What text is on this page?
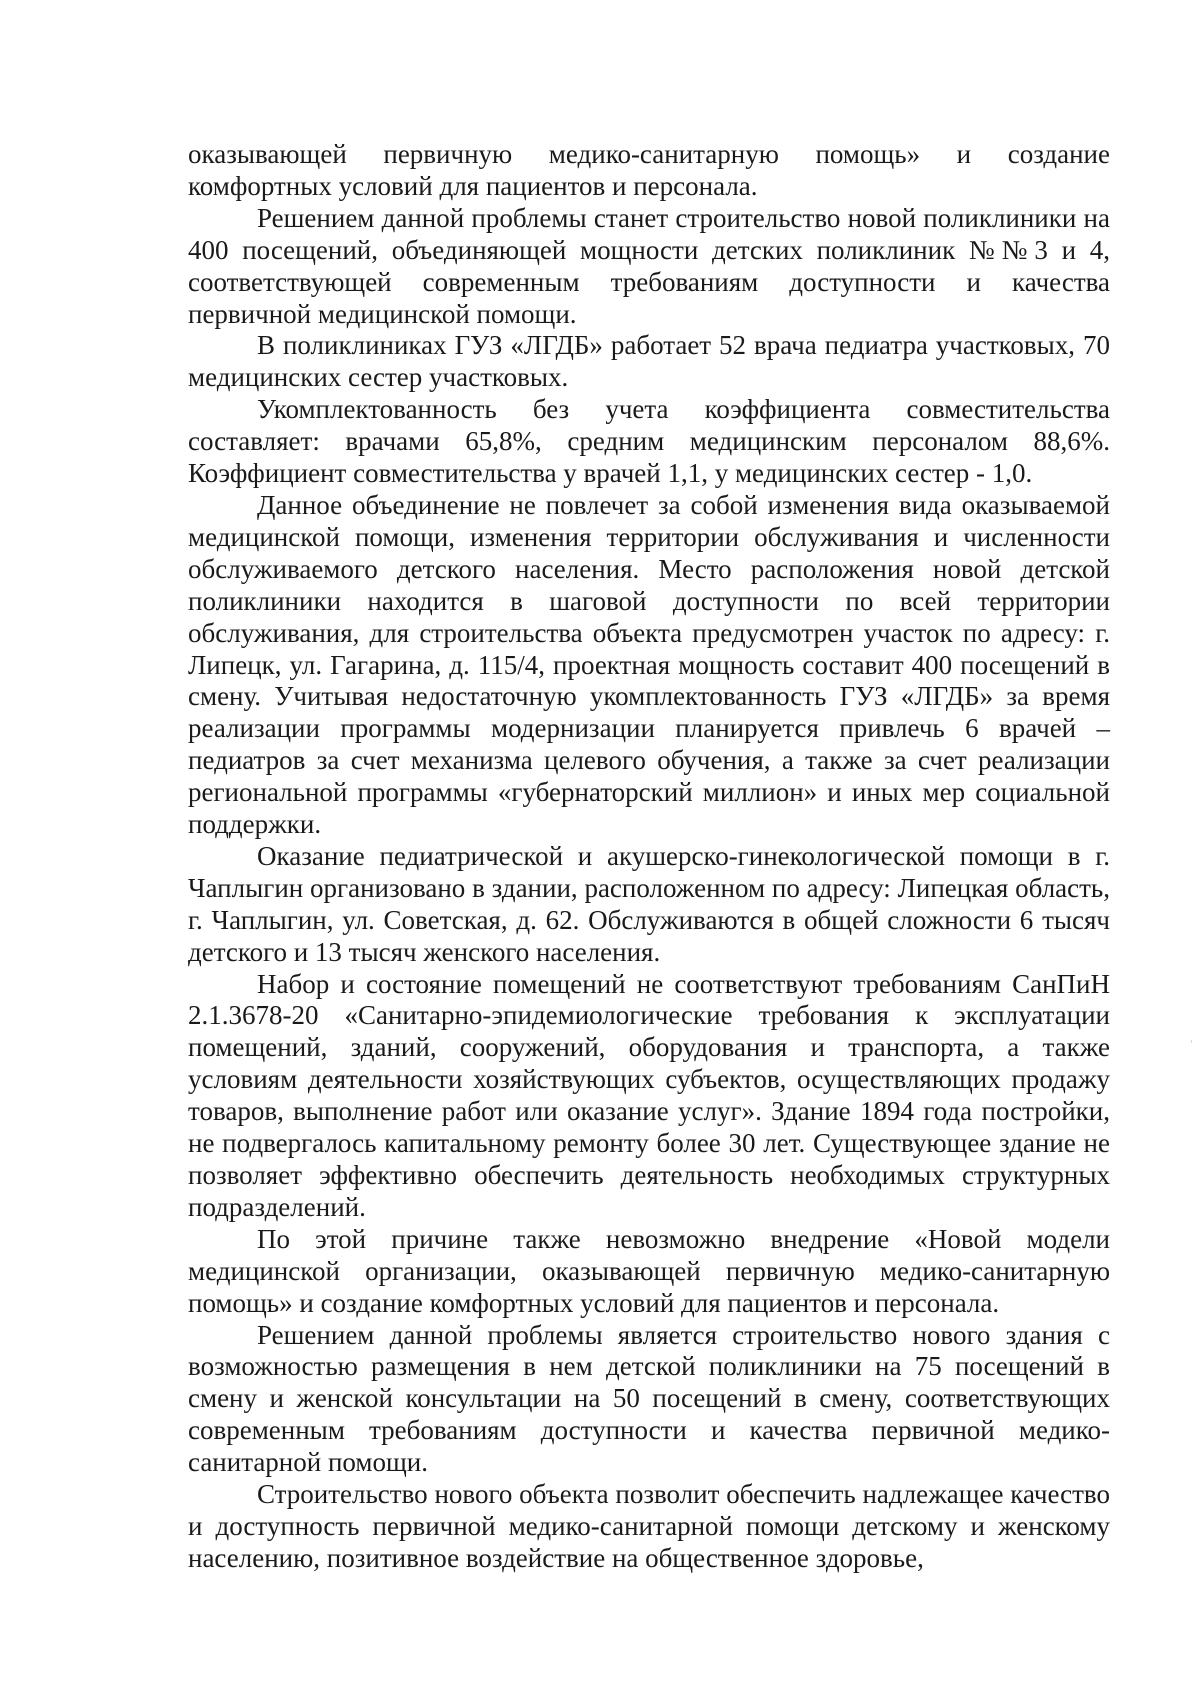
оказывающей первичную медико-санитарную помощь» и создание комфортных условий для пациентов и персонала.

Решением данной проблемы станет строительство новой поликлиники на 400 посещений, объединяющей мощности детских поликлиник №№3 и 4, соответствующей современным требованиям доступности и качества первичной медицинской помощи.

В поликлиниках ГУЗ «ЛГДБ» работает 52 врача педиатра участковых, 70 медицинских сестер участковых.

Укомплектованность без учета коэффициента совместительства составляет: врачами 65,8%, средним медицинским персоналом 88,6%. Коэффициент совместительства у врачей 1,1, у медицинских сестер - 1,0.

Данное объединение не повлечет за собой изменения вида оказываемой медицинской помощи, изменения территории обслуживания и численности обслуживаемого детского населения. Место расположения новой детской поликлиники находится в шаговой доступности по всей территории обслуживания, для строительства объекта предусмотрен участок по адресу: г. Липецк, ул. Гагарина, д. 115/4, проектная мощность составит 400 посещений в смену. Учитывая недостаточную укомплектованность ГУЗ «ЛГДБ» за время реализации программы модернизации планируется привлечь 6 врачей – педиатров за счет механизма целевого обучения, а также за счет реализации региональной программы «губернаторский миллион» и иных мер социальной поддержки.

Оказание педиатрической и акушерско-гинекологической помощи в г. Чаплыгин организовано в здании, расположенном по адресу: Липецкая область, г. Чаплыгин, ул. Советская, д. 62. Обслуживаются в общей сложности 6 тысяч детского и 13 тысяч женского населения.

Набор и состояние помещений не соответствуют требованиям СанПиН 2.1.3678-20 «Санитарно-эпидемиологические требования к эксплуатации помещений, зданий, сооружений, оборудования и транспорта, а также условиям деятельности хозяйствующих субъектов, осуществляющих продажу товаров, выполнение работ или оказание услуг». Здание 1894 года постройки, не подвергалось капитальному ремонту более 30 лет. Существующее здание не позволяет эффективно обеспечить деятельность необходимых структурных подразделений.

По этой причине также невозможно внедрение «Новой модели медицинской организации, оказывающей первичную медико-санитарную помощь» и создание комфортных условий для пациентов и персонала.

Решением данной проблемы является строительство нового здания с возможностью размещения в нем детской поликлиники на 75 посещений в смену и женской консультации на 50 посещений в смену, соответствующих современным требованиям доступности и качества первичной медико-санитарной помощи.

Строительство нового объекта позволит обеспечить надлежащее качество и доступность первичной медико-санитарной помощи детскому и женскому населению, позитивное воздействие на общественное здоровье,
